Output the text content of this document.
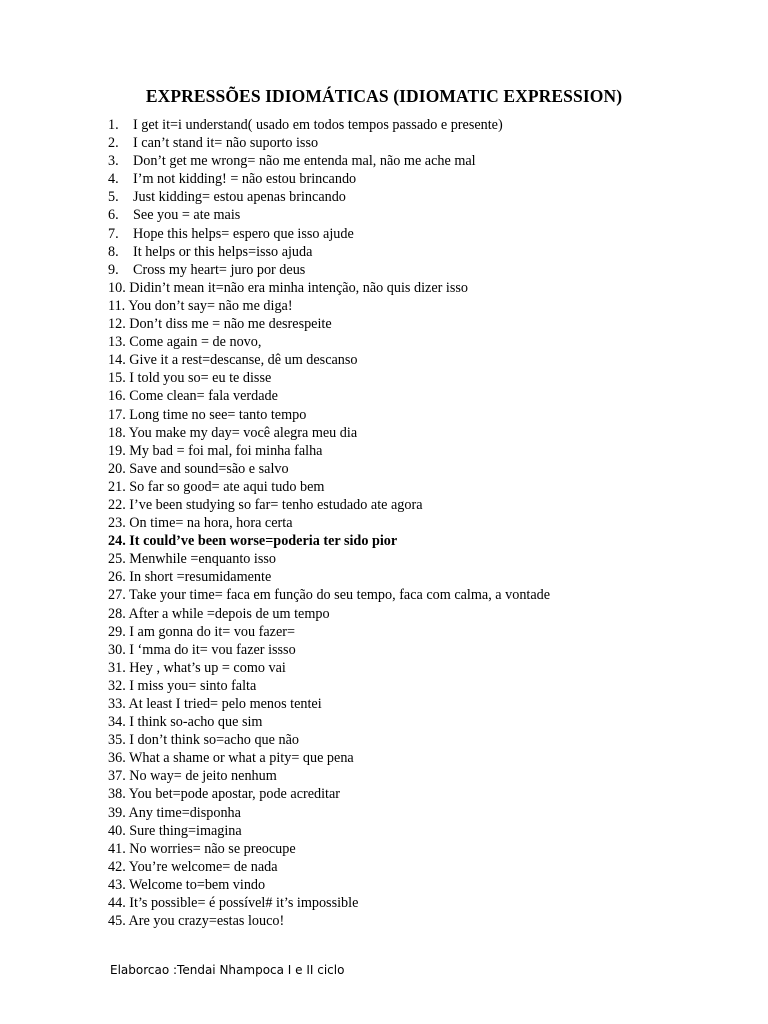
EXPRESSÕES IDIOMÁTICAS (IDIOMATIC EXPRESSION)
1. I get it=i understand( usado em todos tempos passado e presente)
2. I can’t stand it= não suporto isso
3. Don’t get me wrong= não me entenda mal, não me ache mal
4. I’m not kidding! = não estou brincando
5. Just kidding= estou apenas brincando
6. See you = ate mais
7. Hope this helps= espero que isso ajude
8. It helps or this helps=isso ajuda
9. Cross my heart= juro por deus
10. Didin’t mean it=não era minha intenção, não quis dizer isso
11. You don’t say= não me diga!
12. Don’t diss me = não me desrespeite
13. Come again = de novo,
14. Give it a rest=descanse, dê um descanso
15. I told you so= eu te disse
16. Come clean= fala verdade
17. Long time no see= tanto tempo
18. You make my day= você alegra meu dia
19. My bad = foi mal, foi minha falha
20. Save and sound=são e salvo
21. So far so good= ate aqui tudo bem
22. I’ve been studying so far= tenho estudado ate agora
23. On time= na hora, hora certa
24. It could’ve been worse=poderia ter sido pior
25. Menwhile =enquanto isso
26. In short =resumidamente
27. Take your time= faca em função do seu tempo, faca com calma, a vontade
28. After a while =depois de um tempo
29. I am gonna do it= vou fazer=
30. I ‘mma do it= vou fazer issso
31. Hey , what’s up = como vai
32. I miss you= sinto falta
33. At least I tried= pelo menos tentei
34. I think so-acho que sim
35. I don’t think so=acho que não
36. What a shame or what a pity= que pena
37. No way= de jeito nenhum
38. You bet=pode apostar, pode acreditar
39. Any time=disponha
40. Sure thing=imagina
41. No worries= não se preocupe
42. You’re welcome= de nada
43. Welcome to=bem vindo
44. It’s possible= é possível# it’s impossible
45. Are you crazy=estas louco!
Elaborcao :Tendai Nhampoca I e II ciclo
